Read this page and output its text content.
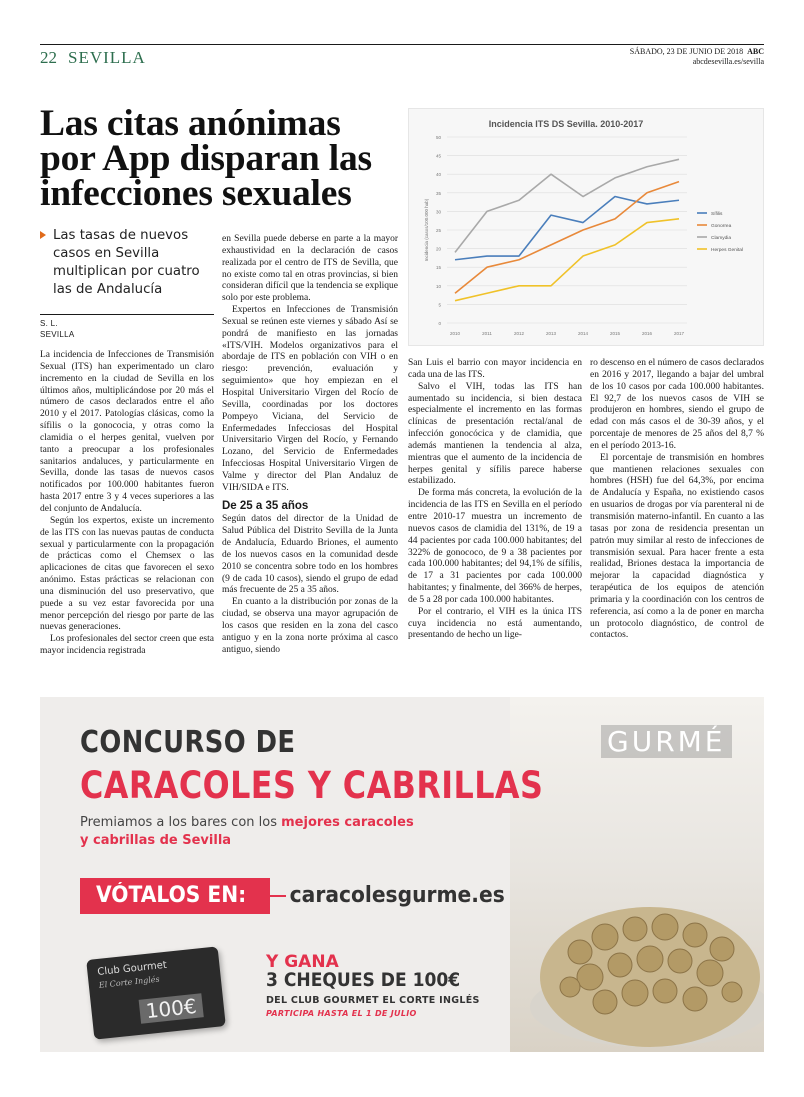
22 SEVILLA	SÁBADO, 23 DE JUNIO DE 2018 ABC
abcdesevilla.es/sevilla
Las citas anónimas por App disparan las infecciones sexuales
Las tasas de nuevos casos en Sevilla multiplican por cuatro las de Andalucía
S. L.
SEVILLA
Incidencia ITS DS Sevilla. 2010-2017
Incidencia (casos/100.000 hab)
0
5
10
15
20
25
30
35
40
45
50
2010	2011	2012	2013	2014	2015	2016	2017
Sífilis
Gonorrea
Clamydia
Herpes Genital

La incidencia de Infecciones de Transmisión Sexual (ITS) han experimentado un claro incremento en la ciudad de Sevilla en los últimos años, multiplicándose por 20 más el número de casos declarados entre el año 2010 y el 2017. Patologías clásicas, como la sífilis o la gonococia, y otras como la clamidia o el herpes genital, vuelven por tanto a preocupar a los profesionales sanitarios andaluces, y particularmente en Sevilla, donde las tasas de nuevos casos notificados por 100.000 habitantes fueron hasta 2017 entre 3 y 4 veces superiores a las del conjunto de Andalucía.

Según los expertos, existe un incremento de las ITS con las nuevas pautas de conducta sexual y particularmente con la propagación de prácticas como el Chemsex o las aplicaciones de citas que favorecen el sexo anónimo. Estas prácticas se relacionan con una disminución del uso preservativo, que puede a su vez estar favorecida por una menor percepción del riesgo por parte de las nuevas generaciones.

Los profesionales del sector creen que esta mayor incidencia registrada

en Sevilla puede deberse en parte a la mayor exhaustividad en la declaración de casos realizada por el centro de ITS de Sevilla, que no existe como tal en otras provincias, si bien consideran difícil que la tendencia se explique solo por este problema.

Expertos en Infecciones de Transmisión Sexual se reúnen este viernes y sábado Así se pondrá de manifiesto en las jornadas «ITS/VIH. Modelos organizativos para el abordaje de ITS en población con VIH o en riesgo: prevención, evaluación y seguimiento» que hoy empiezan en el Hospital Universitario Virgen del Rocío de Sevilla, coordinadas por los doctores Pompeyo Viciana, del Servicio de Enfermedades Infecciosas del Hospital Universitario Virgen del Rocío, y Fernando Lozano, del Servicio de Enfermedades Infecciosas Hospital Universitario Virgen de Valme y director del Plan Andaluz de VIH/SIDA e ITS.

De 25 a 35 años

Según datos del director de la Unidad de Salud Pública del Distrito Sevilla de la Junta de Andalucía, Eduardo Briones, el aumento de los nuevos casos en la comunidad desde 2010 se concentra sobre todo en los hombres (9 de cada 10 casos), siendo el grupo de edad más frecuente de 25 a 35 años.

En cuanto a la distribución por zonas de la ciudad, se observa una mayor agrupación de los casos que residen en la zona del casco antiguo y en la zona norte próxima al casco antiguo, siendo

San Luis el barrio con mayor incidencia en cada una de las ITS.

Salvo el VIH, todas las ITS han aumentado su incidencia, si bien destaca especialmente el incremento en las formas clínicas de presentación rectal/anal de infección gonocócica y de clamidia, que además mantienen la tendencia al alza, mientras que el aumento de la incidencia de herpes genital y sífilis parece haberse estabilizado.

De forma más concreta, la evolución de la incidencia de las ITS en Sevilla en el período entre 2010-17 muestra un incremento de nuevos casos de clamidia del 131%, de 19 a 44 pacientes por cada 100.000 habitantes; del 322% de gonococo, de 9 a 38 pacientes por cada 100.000 habitantes; del 94,1% de sífilis, de 17 a 31 pacientes por cada 100.000 habitantes; y finalmente, del 366% de herpes, de 5 a 28 por cada 100.000 habitantes.

Por el contrario, el VIH es la única ITS cuya incidencia no está aumentando, presentando de hecho un lige-

ro descenso en el número de casos declarados en 2016 y 2017, llegando a bajar del umbral de los 10 casos por cada 100.000 habitantes. El 92,7 de los nuevos casos de VIH se produjeron en hombres, siendo el grupo de edad con más casos el de 30-39 años, y el porcentaje de menores de 25 años del 8,7 % en el período 2013-16.

El porcentaje de transmisión en hombres que mantienen relaciones sexuales con hombres (HSH) fue del 64,3%, por encima de Andalucía y España, no existiendo casos en usuarios de drogas por vía parenteral ni de transmisión materno-infantil. En cuanto a las tasas por zona de residencia presentan un patrón muy similar al resto de infecciones de transmisión sexual. Para hacer frente a esta realidad, Briones destaca la importancia de mejorar la capacidad diagnóstica y terapéutica de los equipos de atención primaria y la coordinación con los centros de referencia, así como a la de poner en marcha un protocolo diagnóstico, de control de contactos.

CONCURSO DE
CARACOLES Y CABRILLAS
Premiamos a los bares con los mejores caracoles
y cabrillas de Sevilla
VÓTALOS EN: caracolesgurme.es
GURMÉ
Club Gourmet
El Corte Inglés
100€
Y GANA
3 CHEQUES DE 100€
DEL CLUB GOURMET EL CORTE INGLÉS
PARTICIPA HASTA EL 1 DE JULIO
